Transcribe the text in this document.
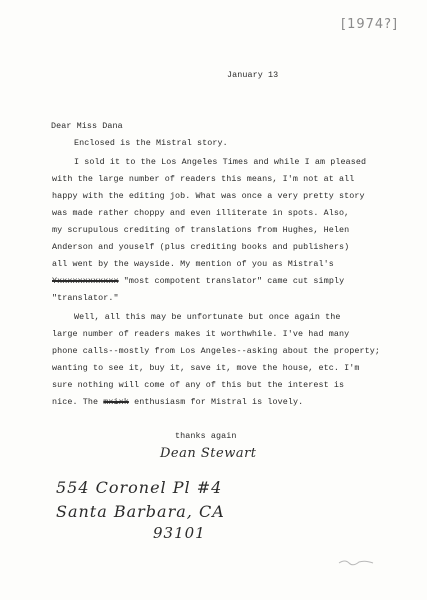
[1974?]
January 13
Dear Miss Dana
Enclosed is the Mistral story.
I sold it to the Los Angeles Times and while I am pleased
with the large number of readers this means, I'm not at all
happy with the editing job. What was once a very pretty story
was made rather choppy and even illiterate in spots. Also,
my scrupulous crediting of translations from Hughes, Helen
Anderson and youself (plus crediting books and publishers)
all went by the wayside. My mention of you as Mistral's
Yxxxxxxxxxxxx "most compotent translator" came cut simply
"translator."
Well, all this may be unfortunate but once again the
large number of readers makes it worthwhile. I've had many
phone calls--mostly from Los Angeles--asking about the property;
wanting to see it, buy it, save it, move the house, etc. I'm
sure nothing will come of any of this but the interest is
nice. The mxixk enthusiasm for Mistral is lovely.
thanks again
Dean Stewart
554 Coronel Pl #4
Santa Barbara, CA
93101
